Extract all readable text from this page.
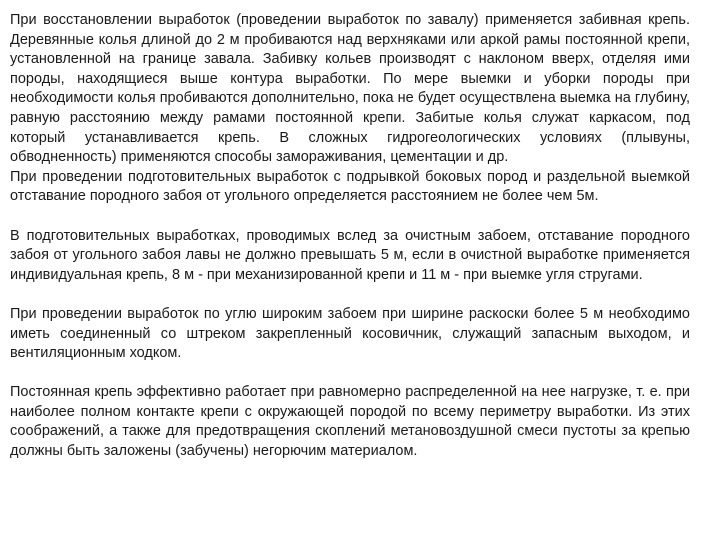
При восстановлении выработок (проведении выработок по завалу) применяется забивная крепь. Деревянные колья длиной до 2 м пробиваются над верхняками или аркой рамы постоянной крепи, установленной на границе завала. Забивку кольев производят с наклоном вверх, отделяя ими породы, находящиеся выше контура выработки. По мере выемки и уборки породы при необходимости колья пробиваются дополнительно, пока не будет осуществлена выемка на глубину, равную расстоянию между рамами постоянной крепи. Забитые колья служат каркасом, под который устанавливается крепь. В сложных гидрогеологических условиях (плывуны, обводненность) применяются способы замораживания, цементации и др.

При проведении подготовительных выработок с подрывкой боковых пород и раздельной выемкой отставание породного забоя от угольного определяется расстоянием не более чем 5м.

В подготовительных выработках, проводимых вслед за очистным забоем, отставание породного забоя от угольного забоя лавы не должно превышать 5 м, если в очистной выработке применяется индивидуальная крепь, 8 м - при механизированной крепи и 11 м - при выемке угля стругами.

При проведении выработок по углю широким забоем при ширине раскоски более 5 м необходимо иметь соединенный со штреком закрепленный косовичник, служащий запасным выходом, и вентиляционным ходком.

Постоянная крепь эффективно работает при равномерно распределенной на нее нагрузке, т. е. при наиболее полном контакте крепи с окружающей породой по всему периметру выработки. Из этих соображений, а также для предотвращения скоплений метановоздушной смеси пустоты за крепью должны быть заложены (забучены) негорючим материалом.
